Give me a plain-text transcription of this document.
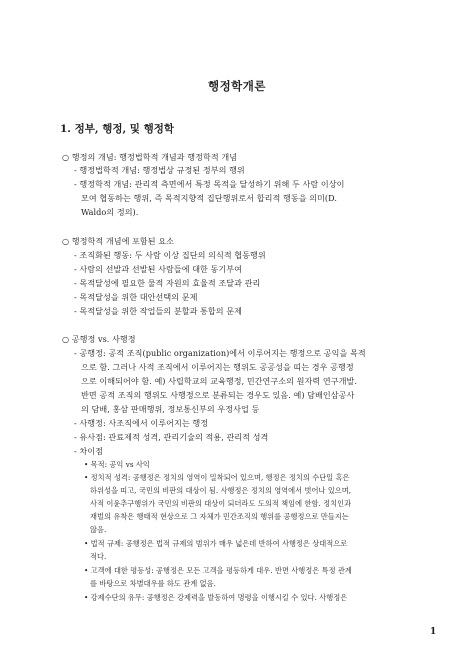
행정학개론
1. 정부, 행정, 및 행정학
○ 행정의 개념: 행정법학적 개념과 행정학적 개념
- 행정법학적 개념: 행정법상 규정된 정부의 행위
- 행정학적 개념: 관리적 측면에서 특정 목적을 달성하기 위해 두 사람 이상이
모여 협동하는 행위, 즉 목적지향적 집단행위로서 합리적 행동을 의미(D.
Waldo의 정의).
○ 행정학적 개념에 포함된 요소
- 조직화된 행동: 두 사람 이상 집단의 의식적 협동행위
- 사람의 선발과 선발된 사람들에 대한 동기부여
- 목적달성에 필요한 물적 자원의 효율적 조달과 관리
- 목적달성을 위한 대안선택의 문제
- 목적달성을 위한 작업들의 분할과 통합의 문제
○ 공행정 vs. 사행정
- 공행정: 공적 조직(public organization)에서 이루어지는 행정으로 공익을 목적
으로 함. 그러나 사적 조직에서 이루어지는 행위도 공공성을 띠는 경우 공행정
으로 이해되어야 함. 예) 사립학교의 교육행정, 민간연구소의 원자력 연구개발.
반면 공적 조직의 행위도 사행정으로 분류되는 경우도 있음. 예) 담배인삼공사
의 담배, 홍삼 판매행위, 정보통신부의 우정사업 등
- 사행정: 사조직에서 이루어지는 행정
- 유사점: 관료제적 성격, 관리기술의 적용, 관리적 성격
- 차이점
• 목적: 공익 vs 사익
• 정치적 성격: 공행정은 정치의 영역이 밀착되어 있으며, 행정은 정치의 수단일 혹은
하위성을 띠고, 국민의 비판의 대상이 됨. 사행정은 정치의 영역에서 벗어나 있으며,
사적 이윤추구행위가 국민의 비판의 대상이 되더라도 도의적 책임에 한함. 정치인과
재벌의 유착은 행태적 현상으로 그 자체가 민간조직의 행위를 공행정으로 만들지는
않음.
• 법적 규제: 공행정은 법적 규제의 범위가 매우 넓은데 반하여 사행정은 상대적으로
적다.
• 고객에 대한 평등성: 공행정은 모든 고객을 평등하게 대우. 반면 사행정은 특정 관계
를 바탕으로 차별대우를 하도 관계 없음.
• 강제수단의 유무: 공행정은 강제력을 발동하여 명령을 이행시킬 수 있다. 사행정은
1
